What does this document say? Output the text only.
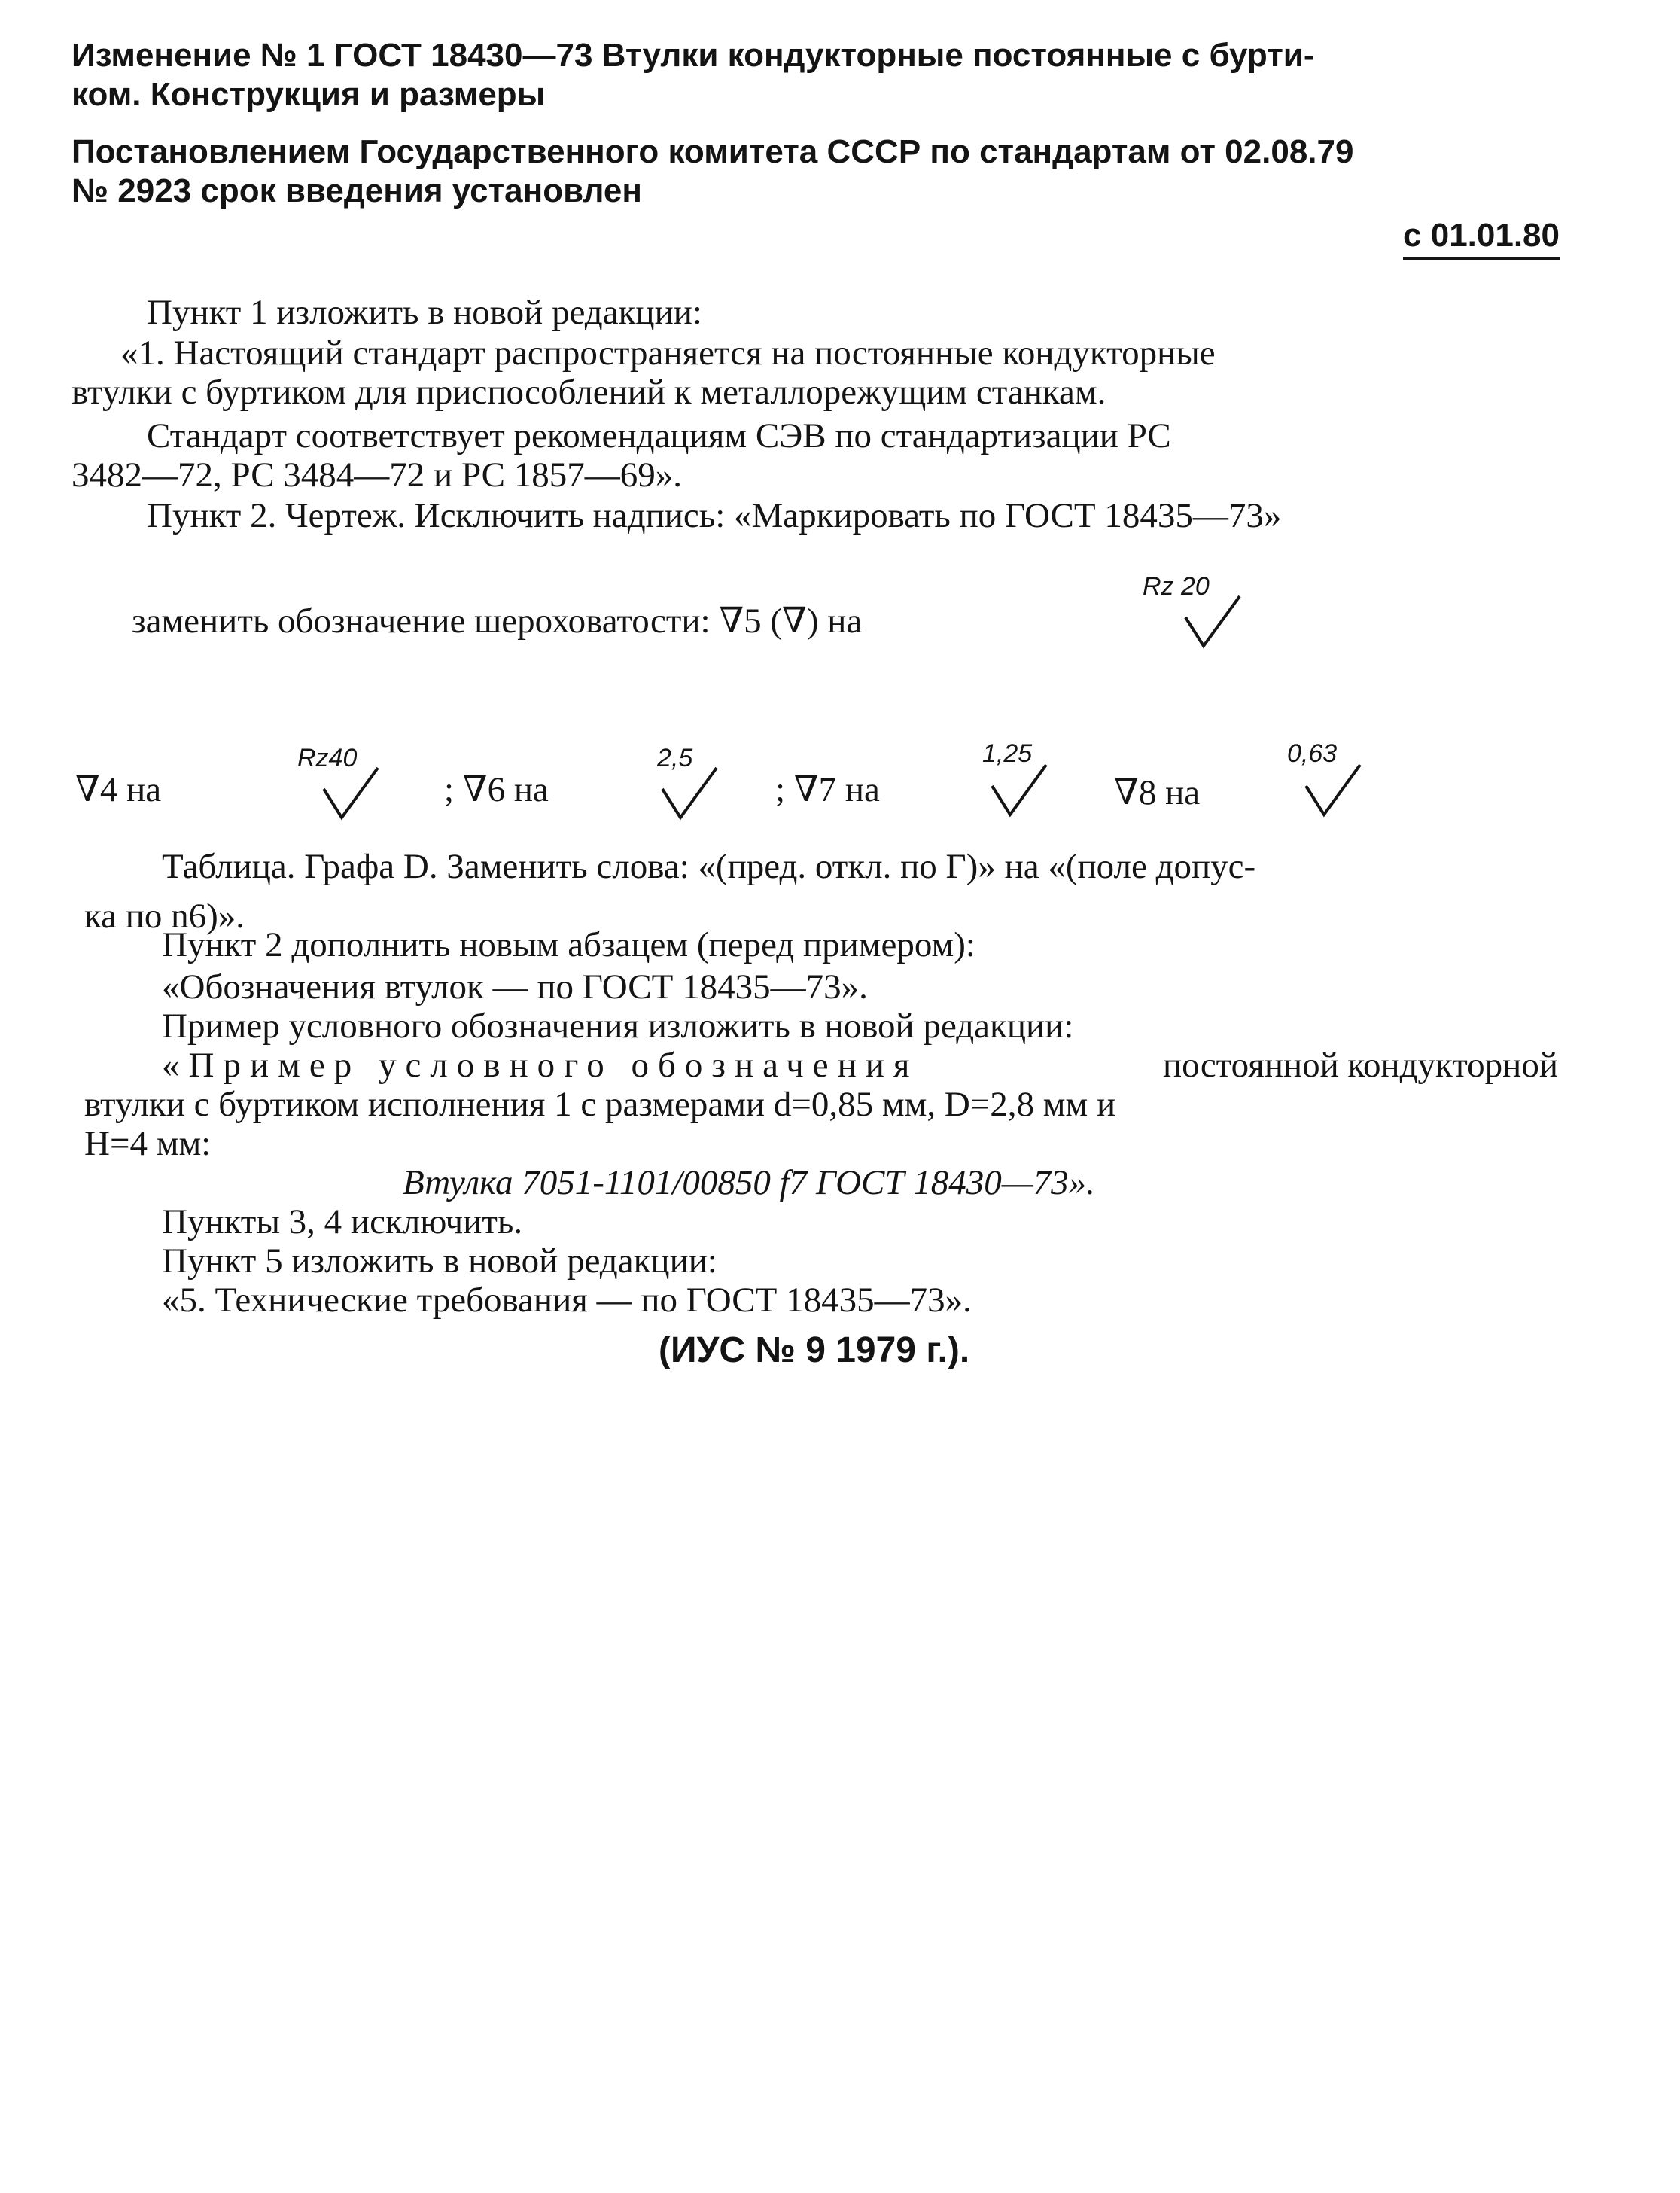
Изменение № 1 ГОСТ 18430—73 Втулки кондукторные постоянные с бурти-
ком. Конструкция и размеры
Постановлением Государственного комитета СССР по стандартам от 02.08.79
№ 2923 срок введения установлен
с 01.01.80
Пункт 1 изложить в новой редакции:
«1. Настоящий стандарт распространяется на постоянные кондукторные
втулки с буртиком для приспособлений к металлорежущим станкам.
Стандарт соответствует рекомендациям СЭВ по стандартизации РС
3482—72, РС 3484—72 и РС 1857—69».
Пункт 2. Чертеж. Исключить надпись: «Маркировать по ГОСТ 18435—73»
заменить обозначение шероховатости: ∇5 (∇) на
Rz 20
∇4 на
Rz40
; ∇6 на
2,5
; ∇7 на
1,25
∇8 на
0,63
Таблица. Графа D. Заменить слова: «(пред. откл. по Г)» на «(поле допус-
ка по n6)».
Пункт 2 дополнить новым абзацем (перед примером):
«Обозначения втулок — по ГОСТ 18435—73».
Пример условного обозначения изложить в новой редакции:
«Пример условного обозначения	постоянной кондукторной
втулки с буртиком исполнения 1 с размерами d=0,85 мм, D=2,8 мм и
H=4 мм:
Втулка 7051-1101/00850 f7 ГОСТ 18430—73».
Пункты 3, 4 исключить.
Пункт 5 изложить в новой редакции:
«5. Технические требования — по ГОСТ 18435—73».
(ИУС № 9 1979 г.).
